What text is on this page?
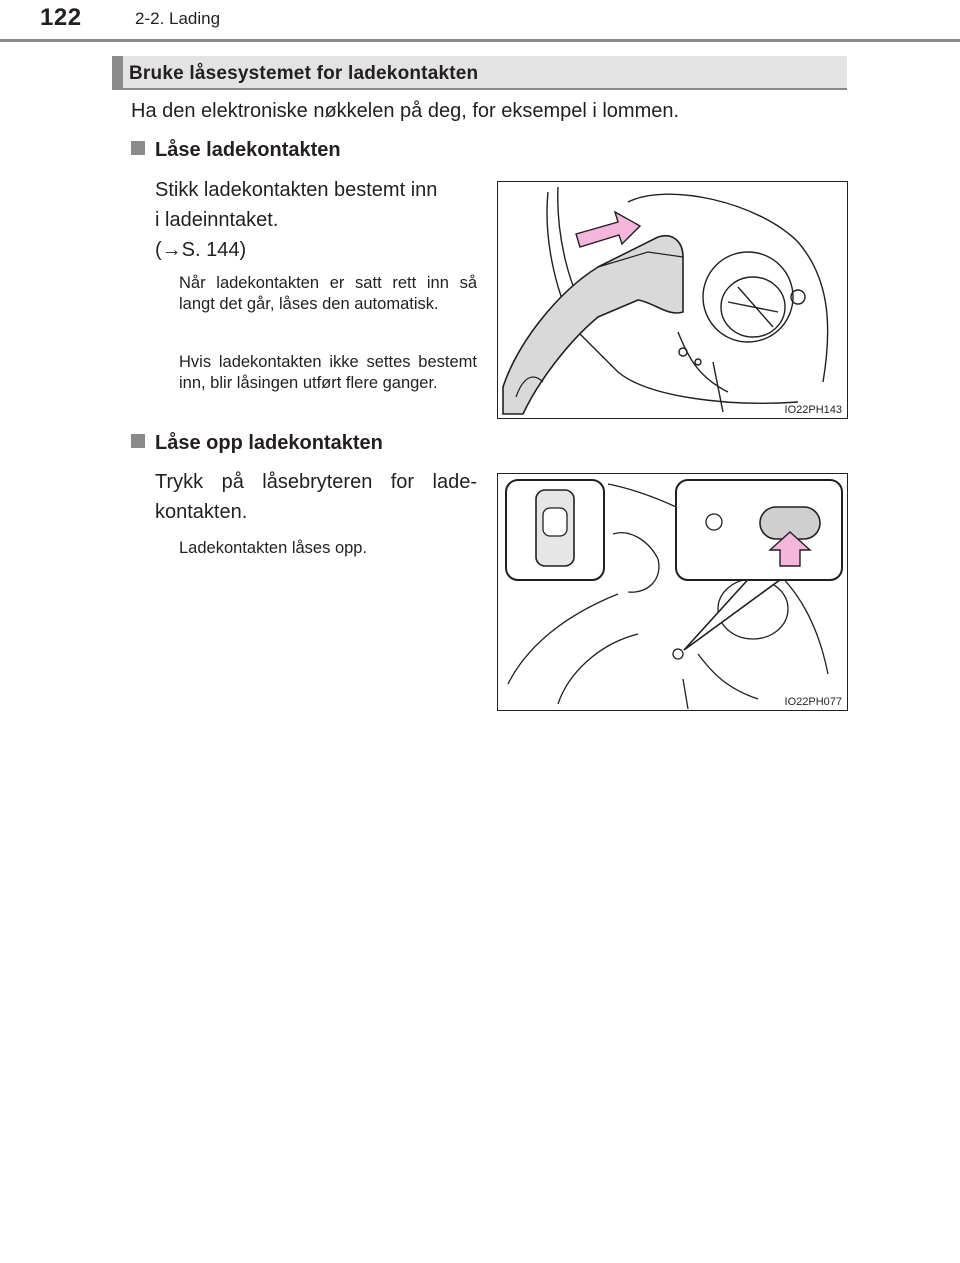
122	2-2. Lading
Bruke låsesystemet for ladekontakten
Ha den elektroniske nøkkelen på deg, for eksempel i lommen.
Låse ladekontakten
Stikk ladekontakten bestemt inn
i ladeinntaket.
(→S. 144)
Når ladekontakten er satt rett inn så langt det går, låses den automatisk.
Hvis ladekontakten ikke settes bestemt inn, blir låsingen utført flere ganger.
IO22PH143
Låse opp ladekontakten
Trykk på låsebryteren for lade-kontakten.
Ladekontakten låses opp.
IO22PH077
